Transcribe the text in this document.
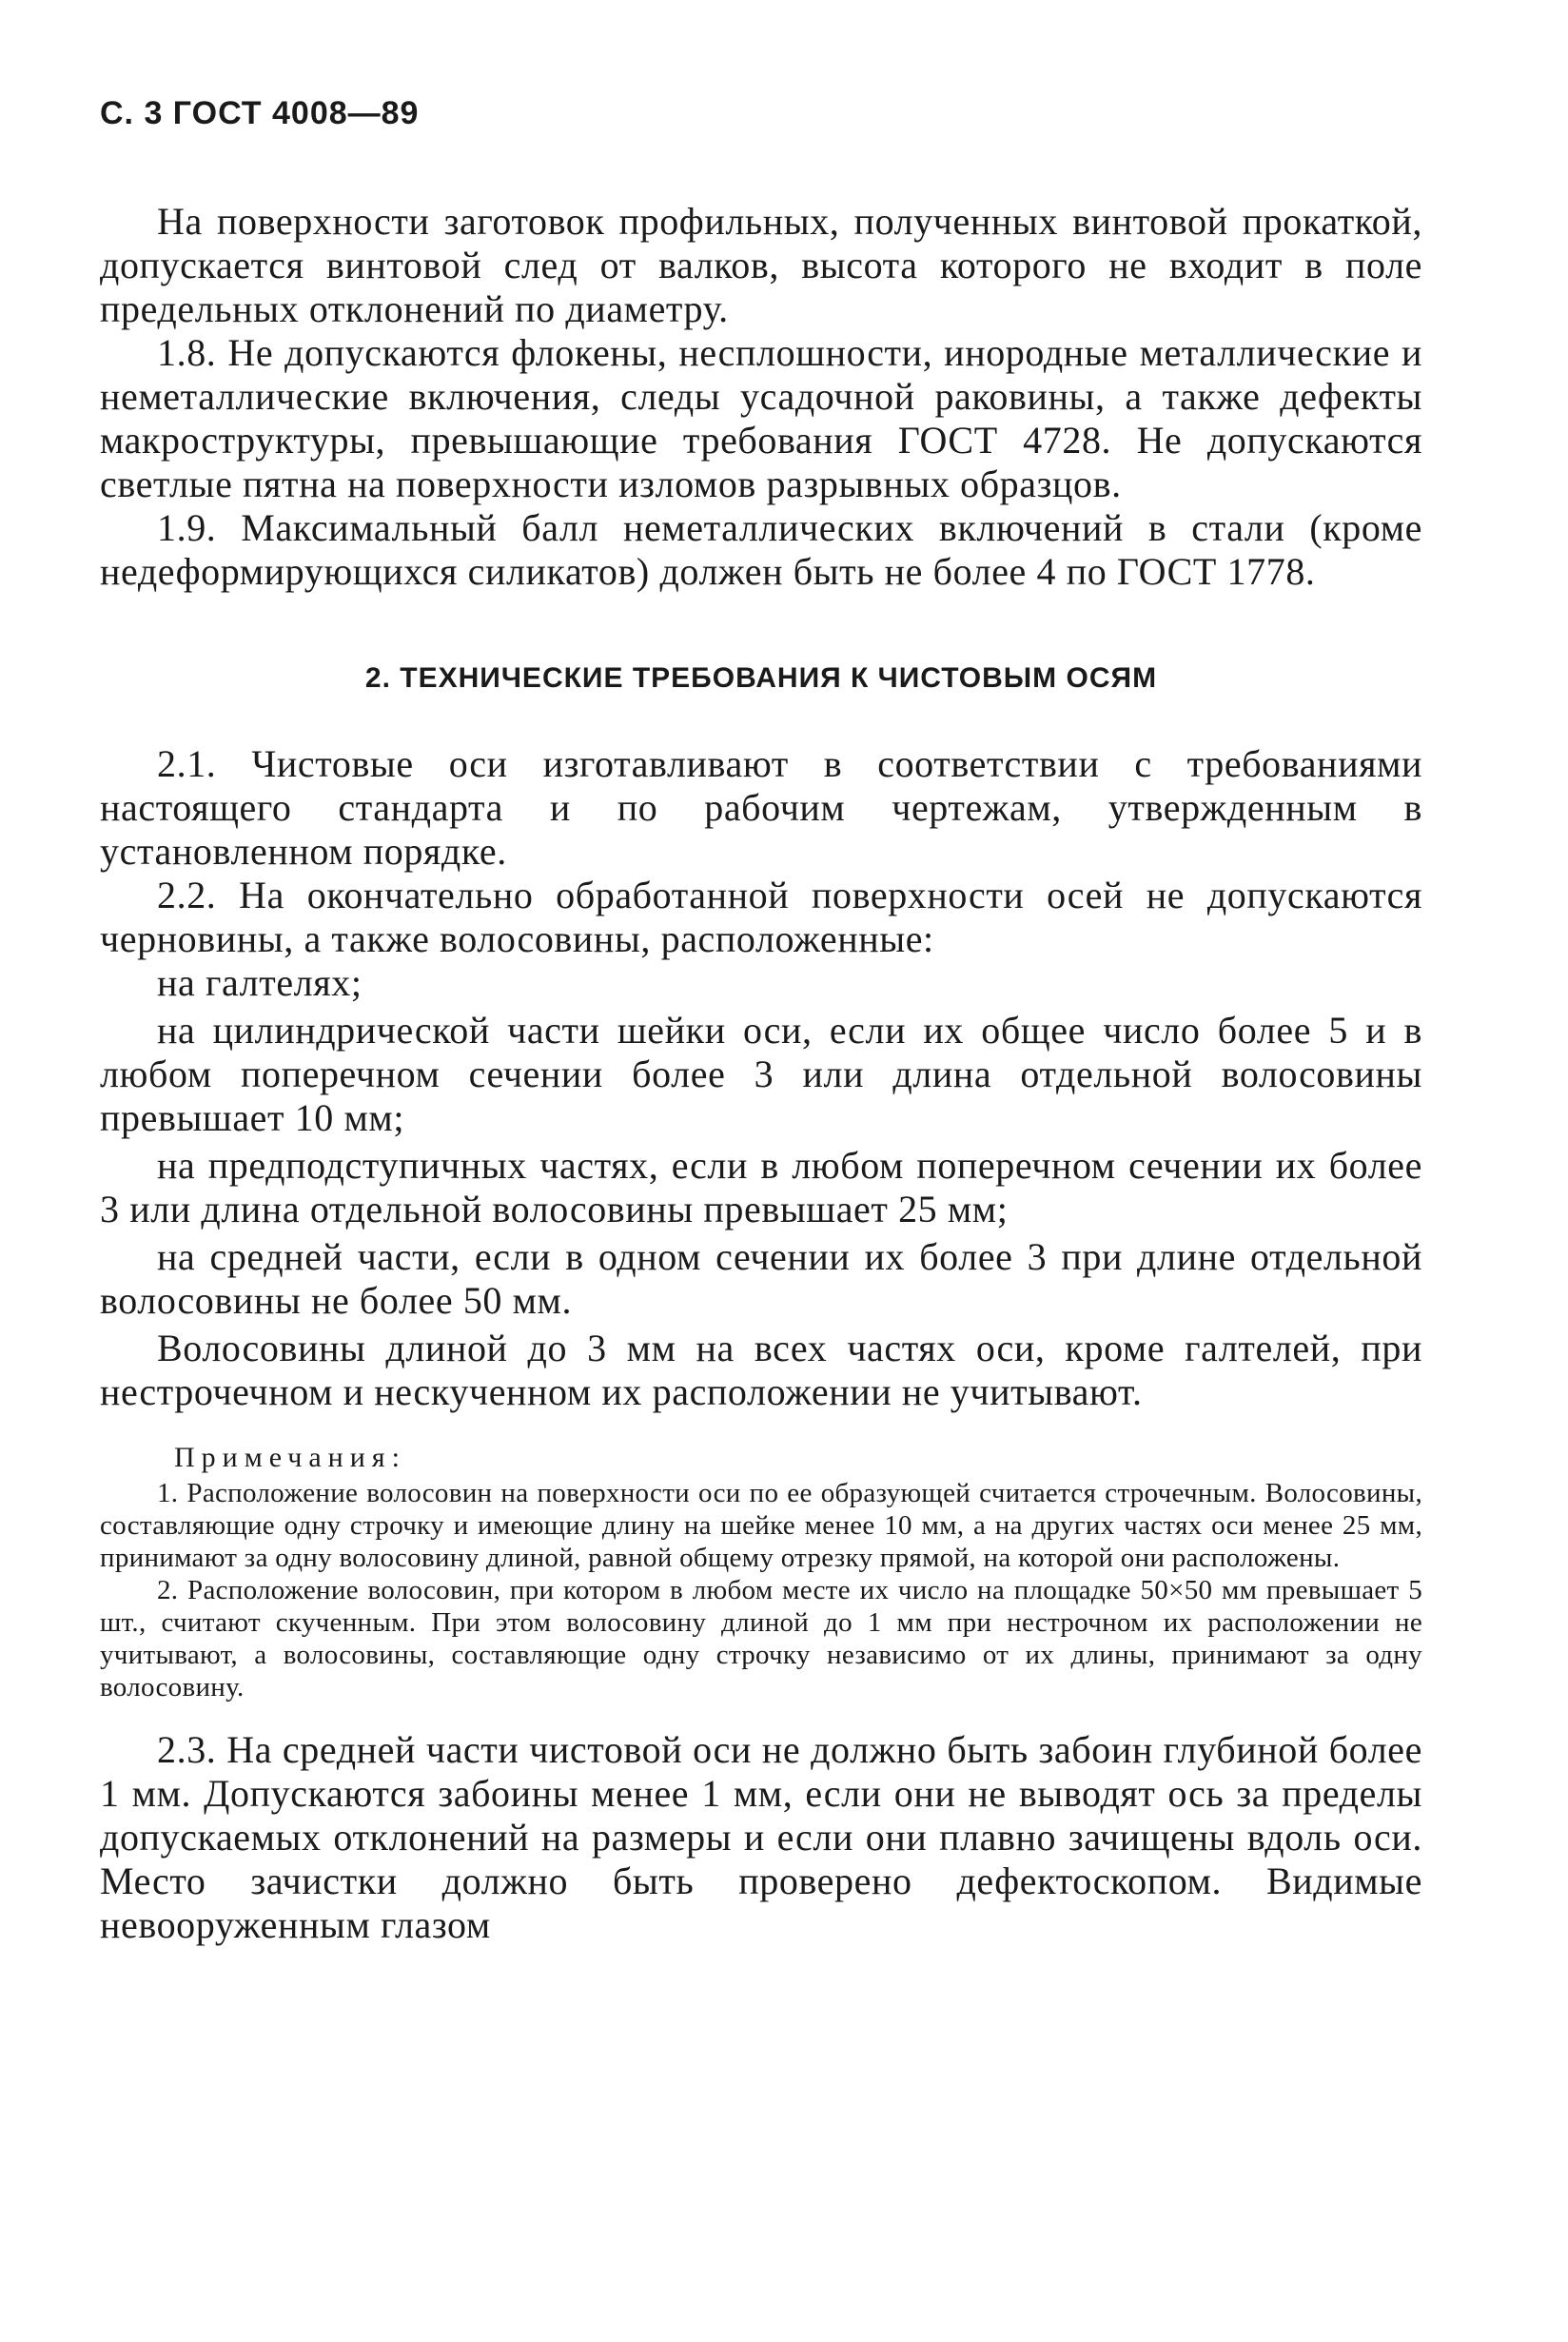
С. 3 ГОСТ 4008—89

На поверхности заготовок профильных, полученных винтовой прокаткой, допускается винтовой след от валков, высота которого не входит в поле предельных отклонений по диаметру.

1.8. Не допускаются флокены, несплошности, инородные металлические и неметаллические включения, следы усадочной раковины, а также дефекты макроструктуры, превышающие требования ГОСТ 4728. Не допускаются светлые пятна на поверхности изломов разрывных образцов.

1.9. Максимальный балл неметаллических включений в стали (кроме недеформирующихся силикатов) должен быть не более 4 по ГОСТ 1778.

2. ТЕХНИЧЕСКИЕ ТРЕБОВАНИЯ К ЧИСТОВЫМ ОСЯМ

2.1. Чистовые оси изготавливают в соответствии с требованиями настоящего стандарта и по рабочим чертежам, утвержденным в установленном порядке.

2.2. На окончательно обработанной поверхности осей не допускаются черновины, а также волосовины, расположенные:

на галтелях;

на цилиндрической части шейки оси, если их общее число более 5 и в любом поперечном сечении более 3 или длина отдельной волосовины превышает 10 мм;

на предподступичных частях, если в любом поперечном сечении их более 3 или длина отдельной волосовины превышает 25 мм;

на средней части, если в одном сечении их более 3 при длине отдельной волосовины не более 50 мм.

Волосовины длиной до 3 мм на всех частях оси, кроме галтелей, при нестрочечном и нескученном их расположении не учитывают.

Примечания:

1. Расположение волосовин на поверхности оси по ее образующей считается строчечным. Волосовины, составляющие одну строчку и имеющие длину на шейке менее 10 мм, а на других частях оси менее 25 мм, принимают за одну волосовину длиной, равной общему отрезку прямой, на которой они расположены.

2. Расположение волосовин, при котором в любом месте их число на площадке 50×50 мм превышает 5 шт., считают скученным. При этом волосовину длиной до 1 мм при нестрочном их расположении не учитывают, а волосовины, составляющие одну строчку независимо от их длины, принимают за одну волосовину.

2.3. На средней части чистовой оси не должно быть забоин глубиной более 1 мм. Допускаются забоины менее 1 мм, если они не выводят ось за пределы допускаемых отклонений на размеры и если они плавно зачищены вдоль оси. Место зачистки должно быть проверено дефектоскопом. Видимые невооруженным глазом
